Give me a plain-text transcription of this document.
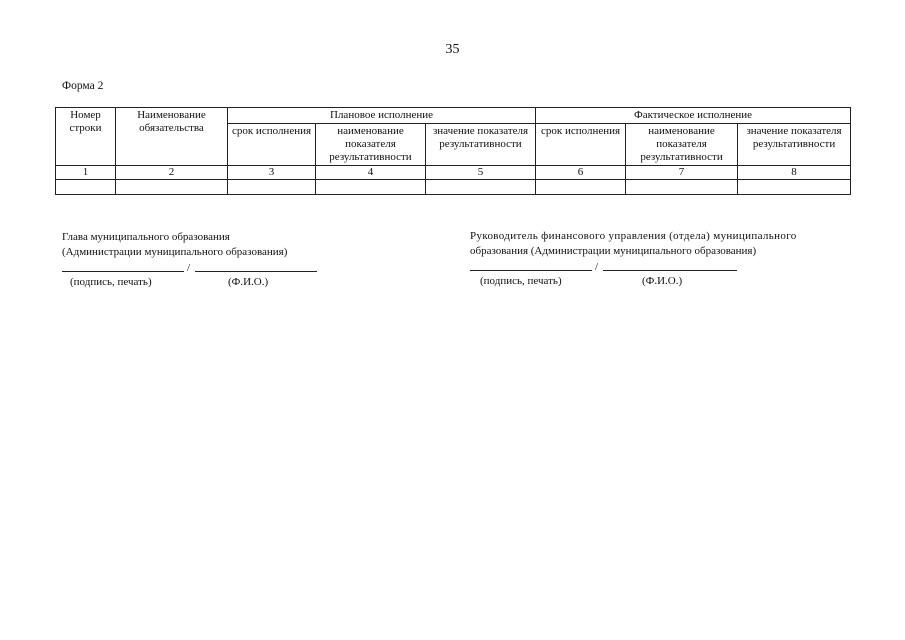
35
Форма 2
Номер строки	Наименование обязательства	Плановое исполнение			Фактическое исполнение		
		срок исполнения	наименование показателя результативности	значение показателя результативности	срок исполнения	наименование показателя результативности	значение показателя результативности
1	2	3	4	5	6	7	8

Глава муниципального образования
(Администрации муниципального образования)
/
(подпись, печать)	(Ф.И.О.)
Руководитель финансового управления (отдела) муниципального
образования (Администрации муниципального образования)
/
(подпись, печать)	(Ф.И.О.)
